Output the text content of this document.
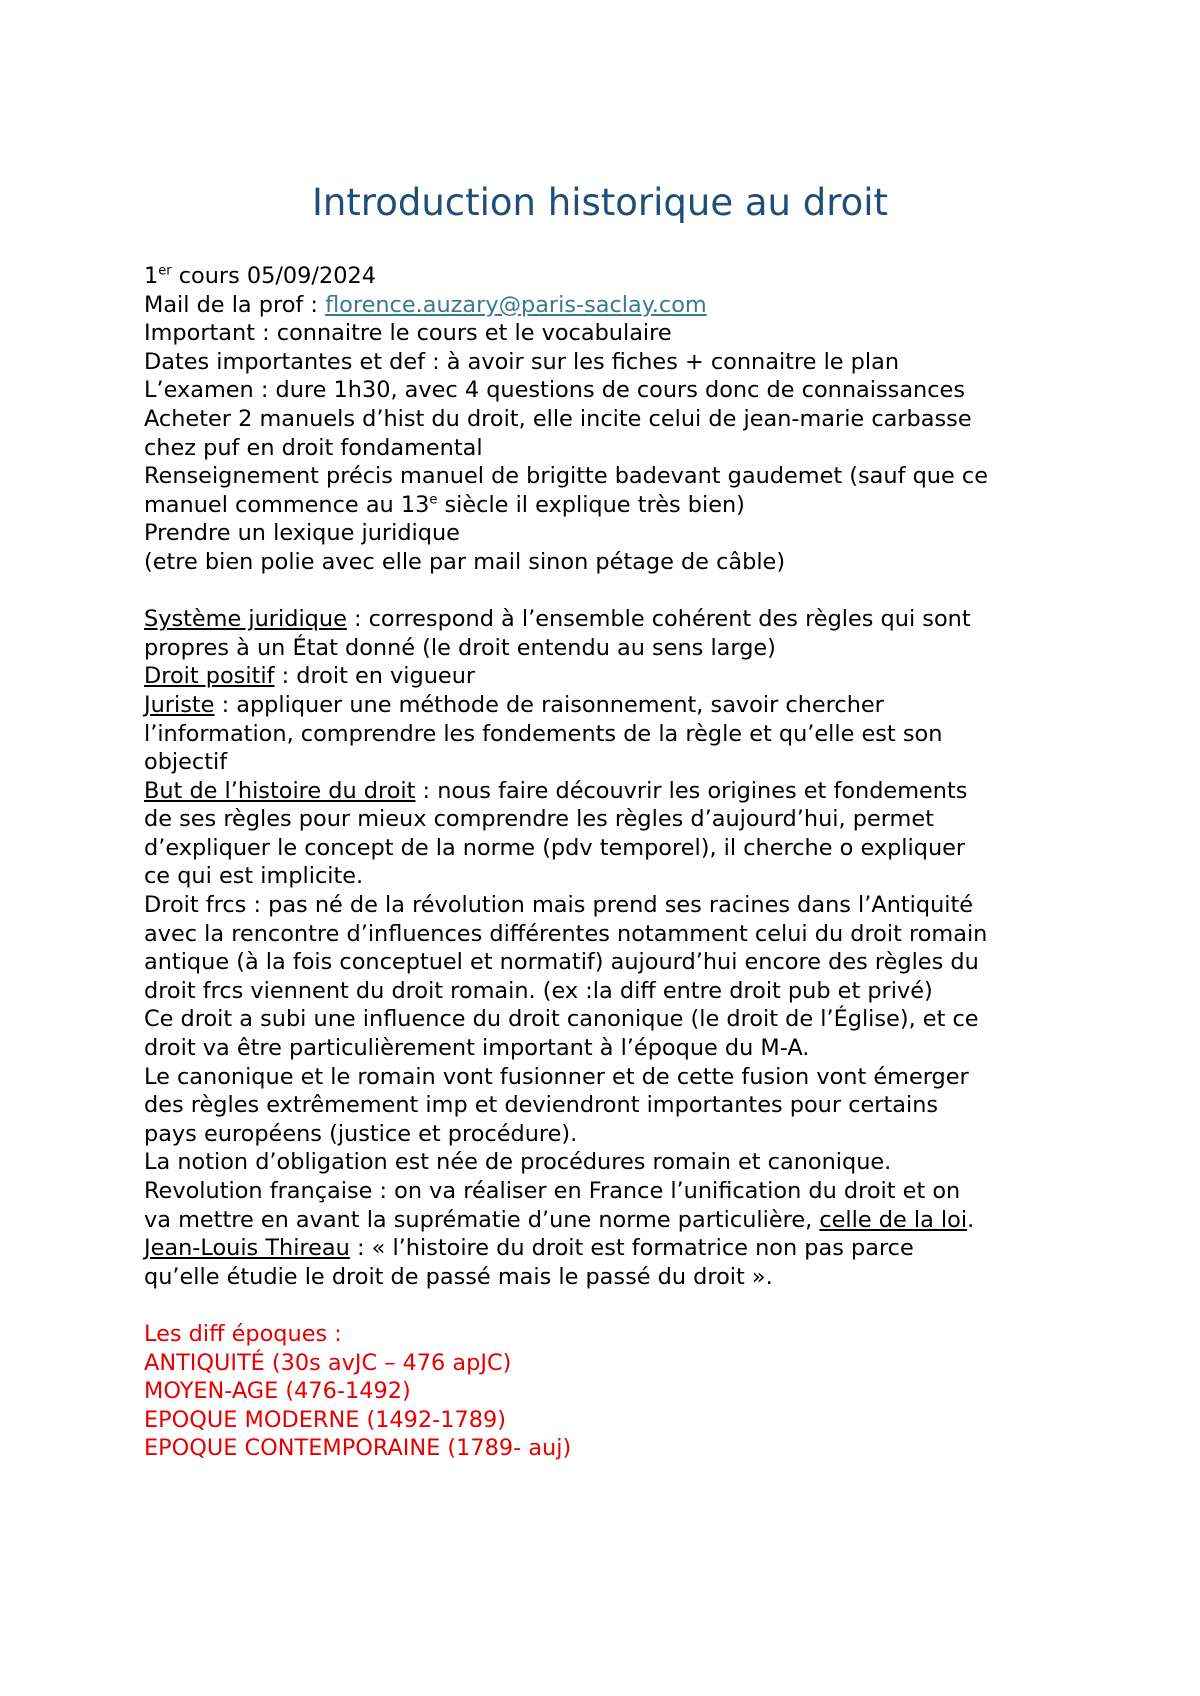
Introduction historique au droit
1er cours 05/09/2024
Mail de la prof : florence.auzary@paris-saclay.com
Important : connaitre le cours et le vocabulaire
Dates importantes et def : à avoir sur les fiches + connaitre le plan
L’examen : dure 1h30, avec 4 questions de cours donc de connaissances
Acheter 2 manuels d’hist du droit, elle incite celui de jean-marie carbasse
chez puf en droit fondamental
Renseignement précis manuel de brigitte badevant gaudemet (sauf que ce
manuel commence au 13e siècle il explique très bien)
Prendre un lexique juridique
(etre bien polie avec elle par mail sinon pétage de câble)
Système juridique : correspond à l’ensemble cohérent des règles qui sont
propres à un État donné (le droit entendu au sens large)
Droit positif : droit en vigueur
Juriste : appliquer une méthode de raisonnement, savoir chercher
l’information, comprendre les fondements de la règle et qu’elle est son
objectif
But de l’histoire du droit : nous faire découvrir les origines et fondements
de ses règles pour mieux comprendre les règles d’aujourd’hui, permet
d’expliquer le concept de la norme (pdv temporel), il cherche o expliquer
ce qui est implicite.
Droit frcs : pas né de la révolution mais prend ses racines dans l’Antiquité
avec la rencontre d’influences différentes notamment celui du droit romain
antique (à la fois conceptuel et normatif) aujourd’hui encore des règles du
droit frcs viennent du droit romain. (ex :la diff entre droit pub et privé)
Ce droit a subi une influence du droit canonique (le droit de l’Église), et ce
droit va être particulièrement important à l’époque du M-A.
Le canonique et le romain vont fusionner et de cette fusion vont émerger
des règles extrêmement imp et deviendront importantes pour certains
pays européens (justice et procédure).
La notion d’obligation est née de procédures romain et canonique.
Revolution française : on va réaliser en France l’unification du droit et on
va mettre en avant la suprématie d’une norme particulière, celle de la loi.
Jean-Louis Thireau : « l’histoire du droit est formatrice non pas parce
qu’elle étudie le droit de passé mais le passé du droit ».
Les diff époques :
ANTIQUITÉ (30s avJC – 476 apJC)
MOYEN-AGE (476-1492)
EPOQUE MODERNE (1492-1789)
EPOQUE CONTEMPORAINE (1789- auj)
